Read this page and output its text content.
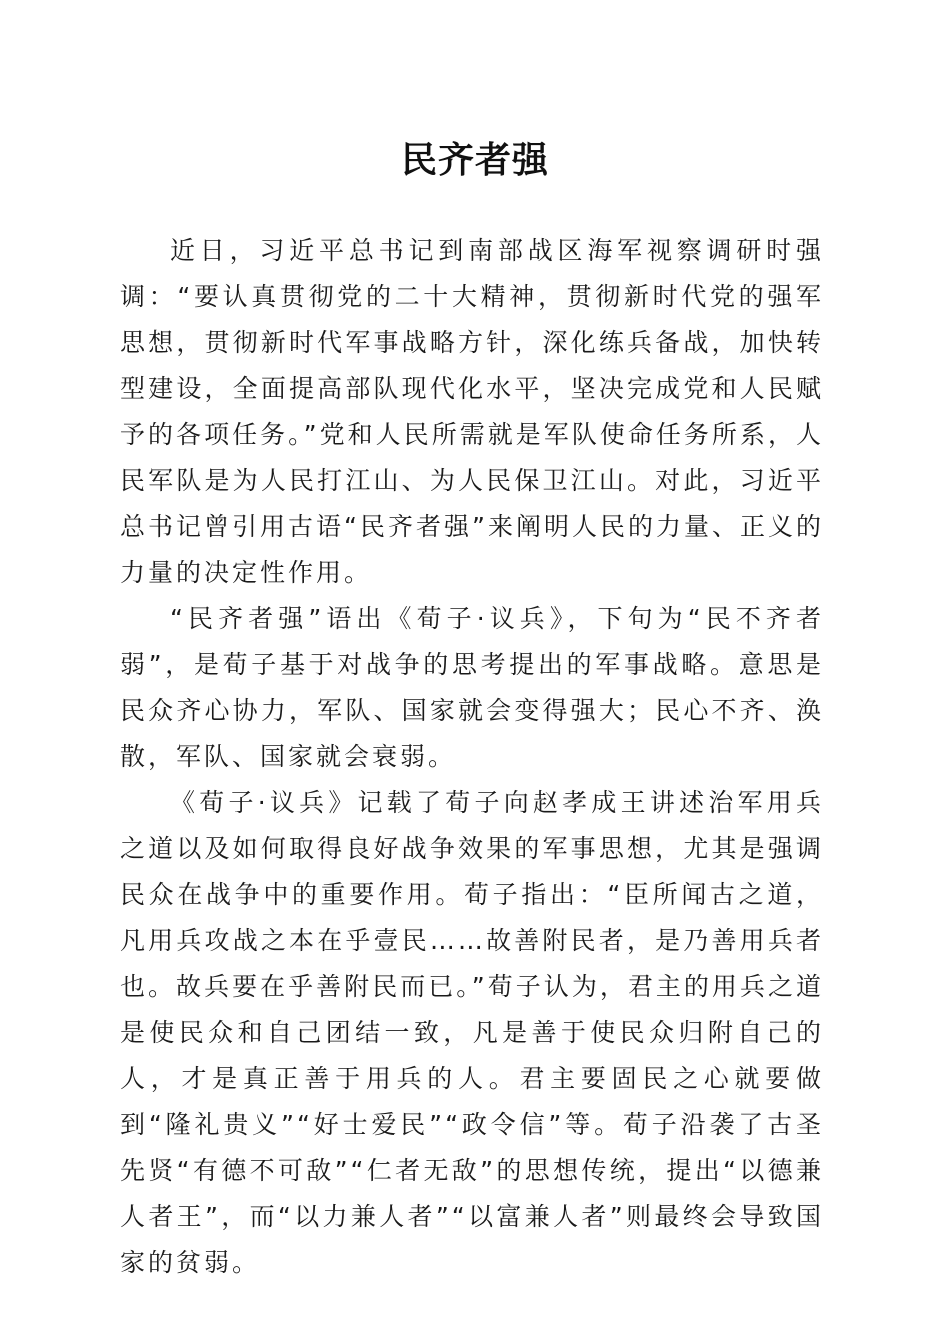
民齐者强

近日，习近平总书记到南部战区海军视察调研时强调：“要认真贯彻党的二十大精神，贯彻新时代党的强军思想，贯彻新时代军事战略方针，深化练兵备战，加快转型建设，全面提高部队现代化水平，坚决完成党和人民赋予的各项任务。”党和人民所需就是军队使命任务所系，人民军队是为人民打江山、为人民保卫江山。对此，习近平总书记曾引用古语“民齐者强”来阐明人民的力量、正义的力量的决定性作用。

“民齐者强”语出《荀子·议兵》，下句为“民不齐者弱”，是荀子基于对战争的思考提出的军事战略。意思是民众齐心协力，军队、国家就会变得强大；民心不齐、涣散，军队、国家就会衰弱。

《荀子·议兵》记载了荀子向赵孝成王讲述治军用兵之道以及如何取得良好战争效果的军事思想，尤其是强调民众在战争中的重要作用。荀子指出：“臣所闻古之道，凡用兵攻战之本在乎壹民……故善附民者，是乃善用兵者也。故兵要在乎善附民而已。”荀子认为，君主的用兵之道是使民众和自己团结一致，凡是善于使民众归附自己的人，才是真正善于用兵的人。君主要固民之心就要做到“隆礼贵义”“好士爱民”“政令信”等。荀子沿袭了古圣先贤“有德不可敌”“仁者无敌”的思想传统，提出“以德兼人者王”，而“以力兼人者”“以富兼人者”则最终会导致国家的贫弱。
